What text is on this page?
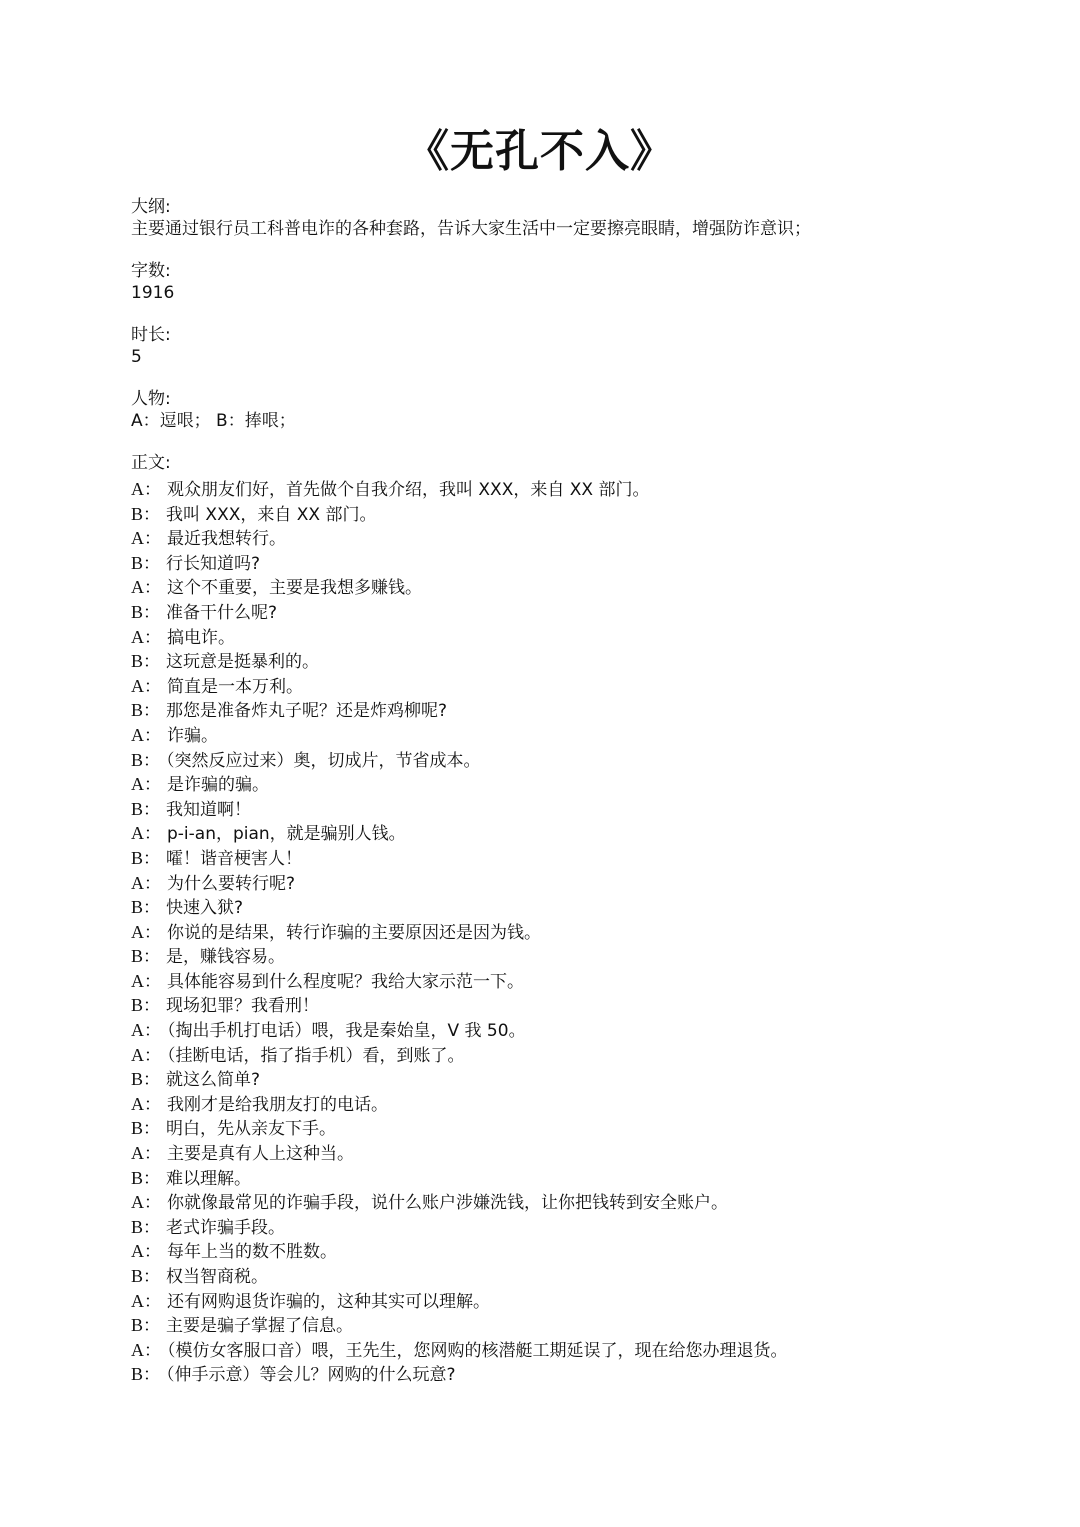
《无孔不入》
大纲:
主要通过银行员工科普电诈的各种套路，告诉大家生活中一定要擦亮眼睛，增强防诈意识；
字数:
1916
时长:
5
人物:
A：逗哏； B：捧哏；
正文:
A： 观众朋友们好，首先做个自我介绍，我叫 XXX，来自 XX 部门。
B： 我叫 XXX，来自 XX 部门。
A： 最近我想转行。
B： 行长知道吗?
A： 这个不重要，主要是我想多赚钱。
B： 准备干什么呢?
A： 搞电诈。
B： 这玩意是挺暴利的。
A： 简直是一本万利。
B： 那您是准备炸丸子呢？还是炸鸡柳呢?
A： 诈骗。
B： （突然反应过来）奥，切成片，节省成本。
A： 是诈骗的骗。
B： 我知道啊！
A： p-i-an，pian，就是骗别人钱。
B： 嚯！谐音梗害人！
A： 为什么要转行呢?
B： 快速入狱?
A： 你说的是结果，转行诈骗的主要原因还是因为钱。
B： 是，赚钱容易。
A： 具体能容易到什么程度呢？我给大家示范一下。
B： 现场犯罪？我看刑！
A： （掏出手机打电话）喂，我是秦始皇，V 我 50。
A： （挂断电话，指了指手机）看，到账了。
B： 就这么简单?
A： 我刚才是给我朋友打的电话。
B： 明白，先从亲友下手。
A： 主要是真有人上这种当。
B： 难以理解。
A： 你就像最常见的诈骗手段，说什么账户涉嫌洗钱，让你把钱转到安全账户。
B： 老式诈骗手段。
A： 每年上当的数不胜数。
B： 权当智商税。
A： 还有网购退货诈骗的，这种其实可以理解。
B： 主要是骗子掌握了信息。
A： （模仿女客服口音）喂，王先生，您网购的核潜艇工期延误了，现在给您办理退货。
B： （伸手示意）等会儿？网购的什么玩意?
